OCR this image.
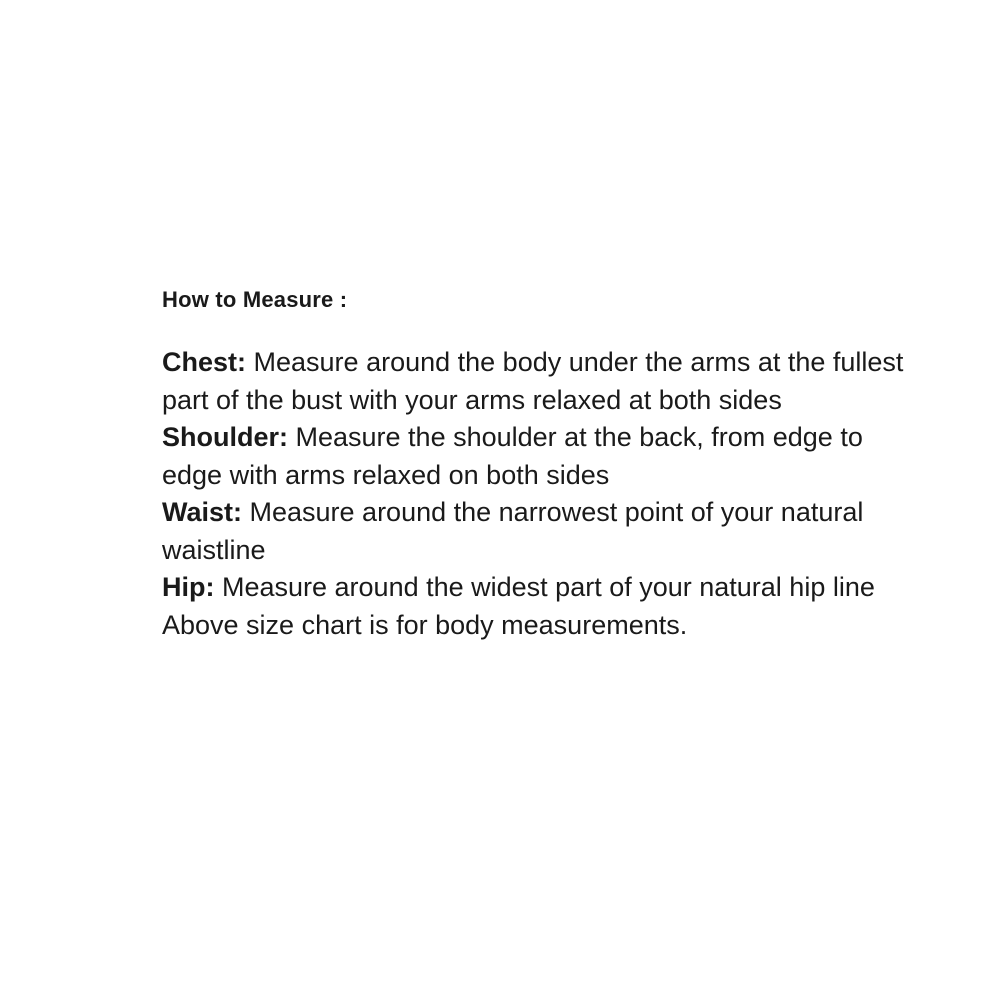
How to Measure :

Chest: Measure around the body under the arms at the fullest part of the bust with your arms relaxed at both sides

Shoulder: Measure the shoulder at the back, from edge to edge with arms relaxed on both sides

Waist: Measure around the narrowest point of your natural waistline

Hip: Measure around the widest part of your natural hip line

Above size chart is for body measurements.
